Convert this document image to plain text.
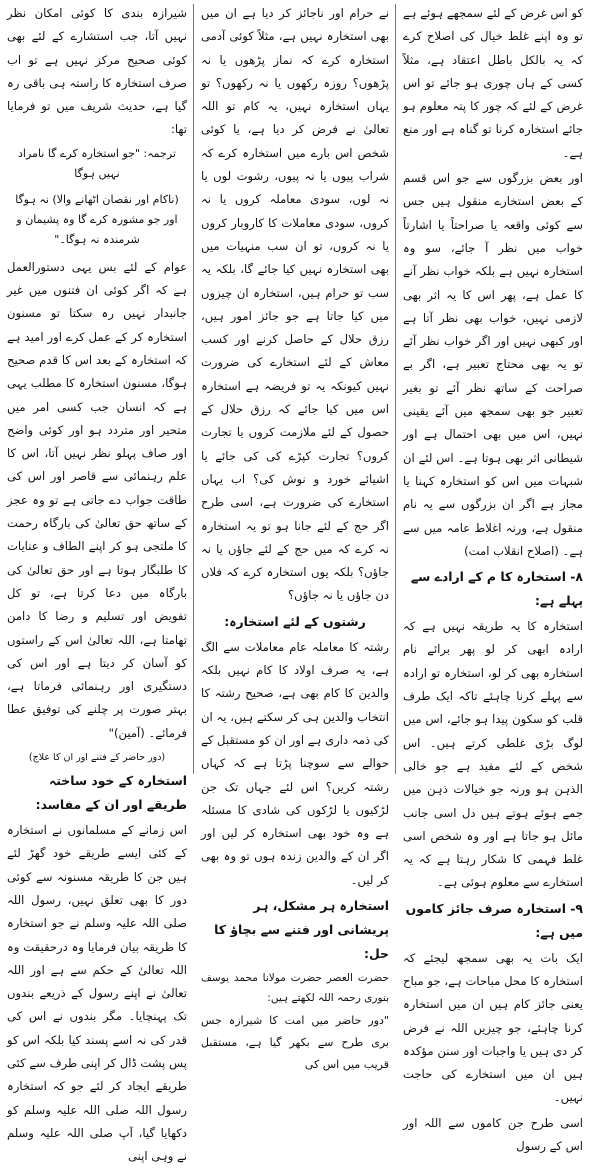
کو اس غرض کے لئے سمجھے ہوئے ہے تو وہ اپنے غلط خیال کی اصلاح کرے کہ یہ بالکل باطل اعتقاد ہے، مثلاً کسی کے ہاں چوری ہو جائے تو اس غرض کے لئے کہ چور کا پتہ معلوم ہو جائے استخارہ کرنا تو گناہ ہے اور منع ہے۔

اور بعض بزرگوں سے جو اس قسم کے بعض استخارے منقول ہیں جس سے کوئی واقعہ یا صراحتاً یا اشارتاً خواب میں نظر آ جائے، سو وہ استخارہ نہیں ہے بلکہ خواب نظر آنے کا عمل ہے، پھر اس کا یہ اثر بھی لازمی نہیں، خواب بھی نظر آتا ہے اور کبھی نہیں اور اگر خواب نظر آئے تو یہ بھی محتاج تعبیر ہے، اگر بے صراحت کے ساتھ نظر آئے تو بغیر تعبیر جو بھی سمجھ میں آئے یقینی نہیں، اس میں بھی احتمال ہے اور شیطانی اثر بھی ہوتا ہے۔ اس لئے ان شبہات میں اس کو استخارہ کہنا یا مجاز ہے اگر ان بزرگوں سے یہ نام منقول ہے، ورنہ اغلاط عامہ میں سے ہے۔ (اصلاح انقلاب امت)

۸- استخارہ کا م کے ارادے سے پہلے ہے:

استخارہ کا یہ طریقہ نہیں ہے کہ ارادہ ابھی کر لو پھر برائے نام استخارہ بھی کر لو، استخارہ تو ارادہ سے پہلے کرنا چاہئے تاکہ ایک طرف قلب کو سکون پیدا ہو جائے، اس میں لوگ بڑی غلطی کرتے ہیں۔ اس شخص کے لئے مفید ہے جو خالی الذہن ہو ورنہ جو خیالات ذہن میں جمے ہوئے ہوتے ہیں دل اسی جانب مائل ہو جاتا ہے اور وہ شخص اسی غلط فہمی کا شکار رہتا ہے کہ یہ استخارے سے معلوم ہوئی ہے۔

۹- استخارہ صرف جائز کاموں میں ہے:

ایک بات یہ بھی سمجھ لیجئے کہ استخارہ کا محل مباحات ہے، جو مباح یعنی جائز کام ہیں ان میں استخارہ کرنا چاہئے، جو چیزیں اللہ نے فرض کر دی ہیں یا واجبات اور سنن مؤکدہ ہیں ان میں استخارے کی حاجت نہیں۔

اسی طرح جن کاموں سے اللہ اور اس کے رسول

نے حرام اور ناجائز کر دیا ہے ان میں بھی استخارہ نہیں ہے، مثلاً کوئی آدمی استخارہ کرے کہ نماز پڑھوں یا نہ پڑھوں؟ روزہ رکھوں یا نہ رکھوں؟ تو یہاں استخارہ نہیں، یہ کام تو اللہ تعالیٰ نے فرض کر دیا ہے، یا کوئی شخص اس بارے میں استخارہ کرے کہ شراب پیوں یا نہ پیوں، رشوت لوں یا نہ لوں، سودی معاملہ کروں یا نہ کروں، سودی معاملات کا کاروبار کروں یا نہ کروں، تو ان سب منہیات میں بھی استخارہ نہیں کیا جائے گا، بلکہ یہ سب تو حرام ہیں، استخارہ ان چیزوں میں کیا جاتا ہے جو جائز امور ہیں، رزق حلال کے حاصل کرنے اور کسب معاش کے لئے استخارے کی ضرورت نہیں کیونکہ یہ تو فریضہ ہے استخارہ اس میں کیا جائے کہ رزق حلال کے حصول کے لئے ملازمت کروں یا تجارت کروں؟ تجارت کپڑے کی کی جائے یا اشیائے خورد و نوش کی؟ اب یہاں استخارے کی ضرورت ہے، اسی طرح اگر حج کے لئے جانا ہو تو یہ استخارہ نہ کرے کہ میں حج کے لئے جاؤں یا نہ جاؤں؟ بلکہ یوں استخارہ کرے کہ فلاں دن جاؤں یا نہ جاؤں؟

رشتوں کے لئے استخارہ:

رشتہ کا معاملہ عام معاملات سے الگ ہے، یہ صرف اولاد کا کام نہیں بلکہ والدین کا کام بھی ہے، صحیح رشتہ کا انتخاب والدین ہی کر سکتے ہیں، یہ ان کی ذمہ داری ہے اور ان کو مستقبل کے حوالے سے سوچنا پڑتا ہے کہ کہاں رشتہ کریں؟ اس لئے جہاں تک جن لڑکیوں یا لڑکوں کی شادی کا مسئلہ ہے وہ خود بھی استخارہ کر لیں اور اگر ان کے والدین زندہ ہوں تو وہ بھی کر لیں۔

استخارہ ہر مشکل، ہر پریشانی اور فتنے سے بچاؤ کا حل:

حضرت العصر حضرت مولانا محمد یوسف بنوری رحمہ اللہ لکھتے ہیں:

"دور حاضر میں امت کا شیرازہ جس بری طرح سے بکھر گیا ہے، مستقبل قریب میں اس کی

شیرازہ بندی کا کوئی امکان نظر نہیں آتا، جب استشارے کے لئے بھی کوئی صحیح مرکز نہیں ہے تو اب صرف استخارہ کا راستہ ہی باقی رہ گیا ہے، حدیث شریف میں تو فرمایا تھا:

ترجمہ: "جو استخارہ کرے گا نامراد نہیں ہوگا
(ناکام اور نقصان اٹھانے والا) نہ ہوگا اور جو مشورہ کرے گا وہ پشیمان و شرمندہ نہ ہوگا۔"

عوام کے لئے بس یہی دستورالعمل ہے کہ اگر کوئی ان فتنوں میں غیر جانبدار نہیں رہ سکتا تو مسنون استخارہ کر کے عمل کرے اور امید ہے کہ استخارہ کے بعد اس کا قدم صحیح ہوگا، مسنون استخارہ کا مطلب یہی ہے کہ انسان جب کسی امر میں متحیر اور متردد ہو اور کوئی واضح اور صاف پہلو نظر نہیں آتا، اس کا علم رہنمائی سے قاصر اور اس کی طاقت جواب دے جاتی ہے تو وہ عجز کے ساتھ حق تعالیٰ کی بارگاہ رحمت کا ملتجی ہو کر اپنے الطاف و عنایات کا طلبگار ہوتا ہے اور حق تعالیٰ کی بارگاہ میں دعا کرتا ہے، تو کل تفویض اور تسلیم و رضا کا دامن تھامتا ہے، اللہ تعالیٰ اس کے راستوں کو آسان کر دیتا ہے اور اس کی دستگیری اور رہنمائی فرماتا ہے، بہتر صورت پر چلنے کی توفیق عطا فرمائے۔ (آمین)"

(دور حاضر کے فتنے اور ان کا علاج)
استخارہ کے خود ساختہ طریقے اور ان کے مفاسد:

اس زمانے کے مسلمانوں نے استخارہ کے کئی ایسے طریقے خود گھڑ لئے ہیں جن کا طریقہ مسنونہ سے کوئی دور کا بھی تعلق نہیں، رسول اللہ صلی اللہ علیہ وسلم نے جو استخارہ کا طریقہ بیان فرمایا وہ درحقیقت وہ اللہ تعالیٰ کے حکم سے ہے اور اللہ تعالیٰ نے اپنے رسول کے ذریعے بندوں تک پہنچایا۔ مگر بندوں نے اس کی قدر کی نہ اسے پسند کیا بلکہ اس کو پس پشت ڈال کر اپنی طرف سے کئی طریقے ایجاد کر لئے جو کہ استخارہ رسول اللہ صلی اللہ علیہ وسلم کو دکھایا گیا، آپ صلی اللہ علیہ وسلم نے وہی اپنی
